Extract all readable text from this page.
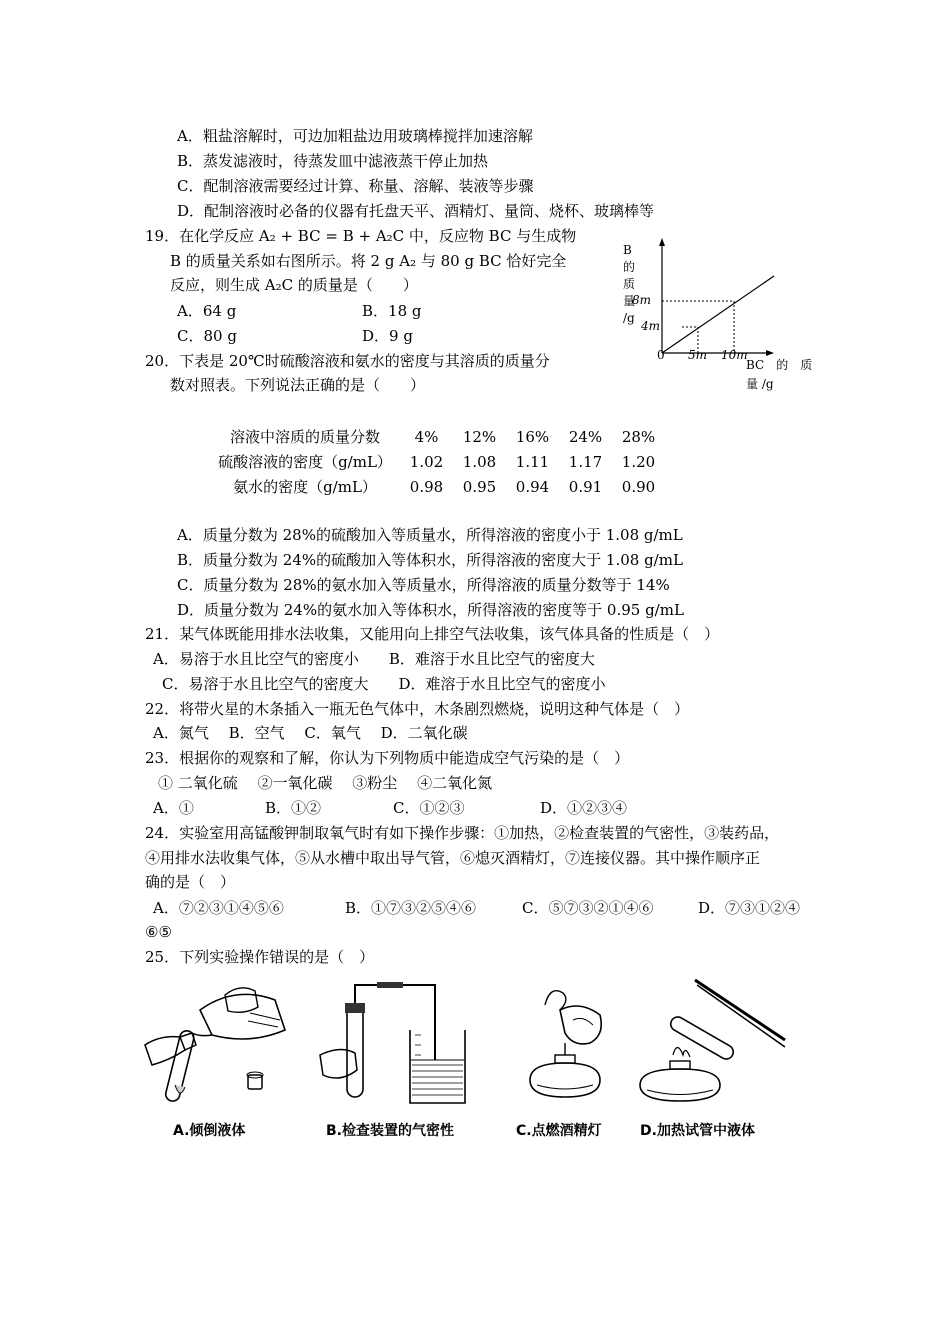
A．粗盐溶解时，可边加粗盐边用玻璃棒搅拌加速溶解
B．蒸发滤液时，待蒸发皿中滤液蒸干停止加热
C．配制溶液需要经过计算、称量、溶解、装液等步骤
D．配制溶液时必备的仪器有托盘天平、酒精灯、量筒、烧杯、玻璃棒等
19．在化学反应 A₂ + BC = B + A₂C 中，反应物 BC 与生成物
B 的质量关系如右图所示。将 2 g A₂ 与 80 g BC 恰好完全
反应，则生成 A₂C 的质量是（　　）
A．64 g	B．18 g
C．80 g	D．9 g
B
的
质
量
/g
8m
4m
0 5m 10m
BC　的　质
量 /g
20．下表是 20℃时硫酸溶液和氨水的密度与其溶质的质量分
数对照表。下列说法正确的是（　　）
溶液中溶质的质量分数	4%	12%	16%	24%	28%
硫酸溶液的密度（g/mL）	1.02	1.08	1.11	1.17	1.20
氨水的密度（g/mL）	0.98	0.95	0.94	0.91	0.90
A．质量分数为 28%的硫酸加入等质量水，所得溶液的密度小于 1.08 g/mL
B．质量分数为 24%的硫酸加入等体积水，所得溶液的密度大于 1.08 g/mL
C．质量分数为 28%的氨水加入等质量水，所得溶液的质量分数等于 14%
D．质量分数为 24%的氨水加入等体积水，所得溶液的密度等于 0.95 g/mL
21．某气体既能用排水法收集，又能用向上排空气法收集，该气体具备的性质是（　）
A．易溶于水且比空气的密度小　　B．难溶于水且比空气的密度大
C．易溶于水且比空气的密度大　　D．难溶于水且比空气的密度小
22．将带火星的木条插入一瓶无色气体中，木条剧烈燃烧，说明这种气体是（　）
A．氮气　 B．空气　 C．氧气　 D．二氧化碳
23．根据你的观察和了解，你认为下列物质中能造成空气污染的是（　）
① 二氧化硫　 ②一氧化碳　 ③粉尘　 ④二氧化氮
A．①	B．①②	C．①②③	D．①②③④
24．实验室用高锰酸钾制取氧气时有如下操作步骤：①加热，②检查装置的气密性，③装药品，
④用排水法收集气体，⑤从水槽中取出导气管，⑥熄灭酒精灯，⑦连接仪器。其中操作顺序正
确的是（　）
A．⑦②③①④⑤⑥	B．①⑦③②⑤④⑥	C．⑤⑦③②①④⑥	D．⑦③①②④
⑥⑤
25．下列实验操作错误的是（　）
A.倾倒液体	B.检查装置的气密性	C.点燃酒精灯	D.加热试管中液体
